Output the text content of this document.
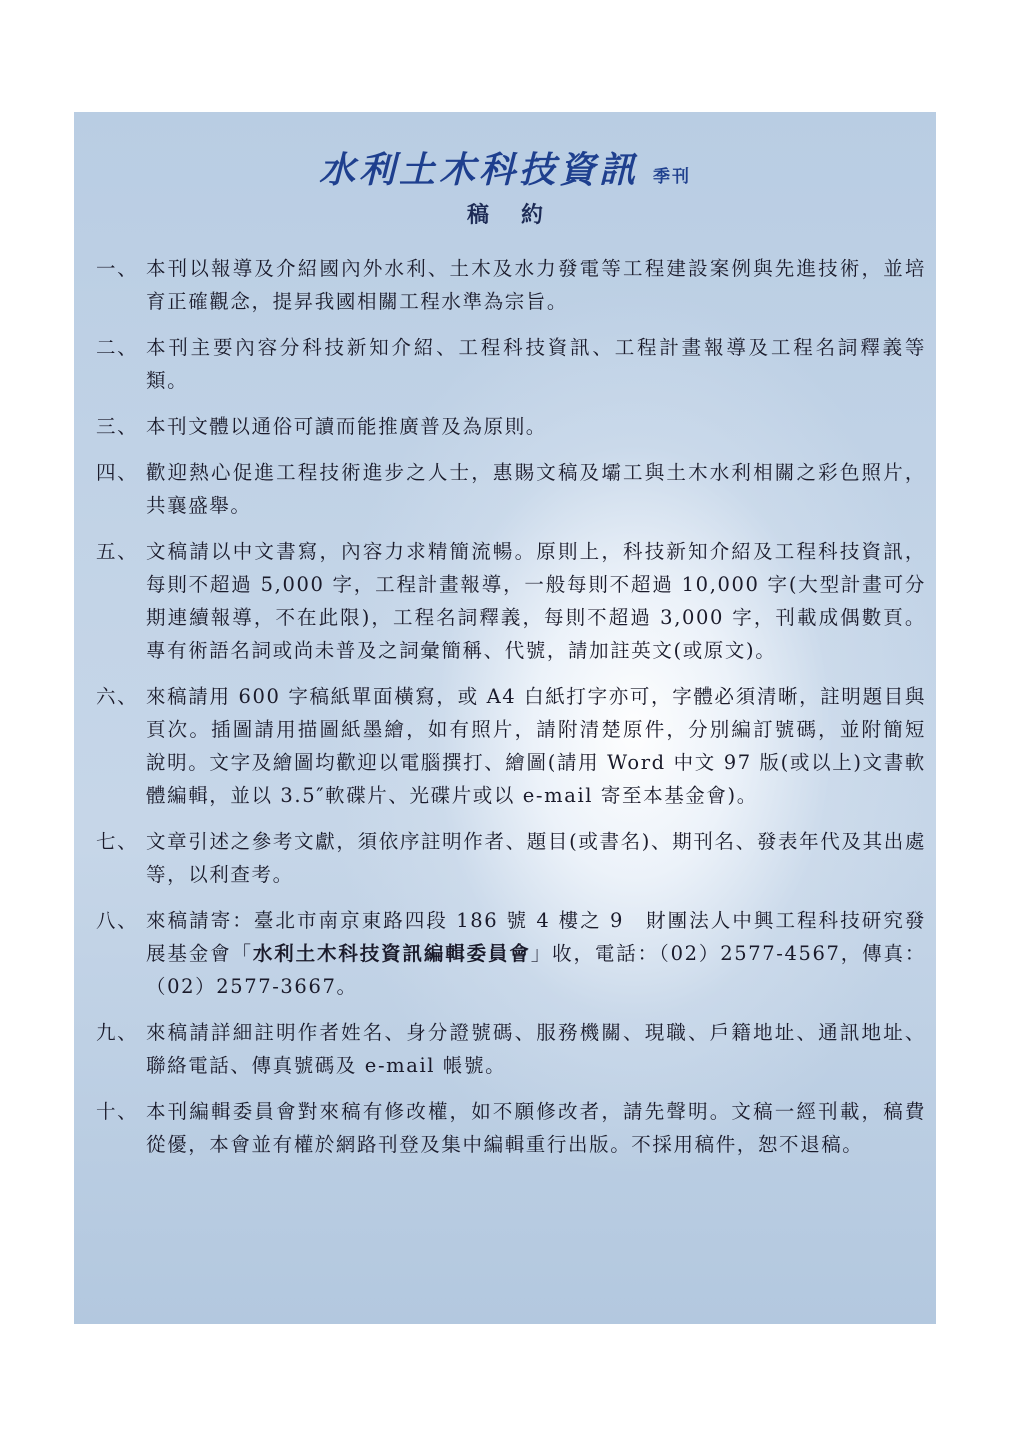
水利土木科技資訊 季刊
稿約
一、 本刊以報導及介紹國內外水利、土木及水力發電等工程建設案例與先進技術，並培育正確觀念，提昇我國相關工程水準為宗旨。
二、 本刊主要內容分科技新知介紹、工程科技資訊、工程計畫報導及工程名詞釋義等類。
三、 本刊文體以通俗可讀而能推廣普及為原則。
四、 歡迎熱心促進工程技術進步之人士，惠賜文稿及壩工與土木水利相關之彩色照片，共襄盛舉。
五、 文稿請以中文書寫，內容力求精簡流暢。原則上，科技新知介紹及工程科技資訊，每則不超過 5,000 字，工程計畫報導，一般每則不超過 10,000 字(大型計畫可分期連續報導，不在此限)，工程名詞釋義，每則不超過 3,000 字，刊載成偶數頁。專有術語名詞或尚未普及之詞彙簡稱、代號，請加註英文(或原文)。
六、 來稿請用 600 字稿紙單面橫寫，或 A4 白紙打字亦可，字體必須清晰，註明題目與頁次。插圖請用描圖紙墨繪，如有照片，請附清楚原件，分別編訂號碼，並附簡短說明。文字及繪圖均歡迎以電腦撰打、繪圖(請用 Word 中文 97 版(或以上)文書軟體編輯，並以 3.5″軟碟片、光碟片或以 e-mail 寄至本基金會)。
七、 文章引述之參考文獻，須依序註明作者、題目(或書名)、期刊名、發表年代及其出處等，以利查考。
八、 來稿請寄：臺北市南京東路四段 186 號 4 樓之 9　財團法人中興工程科技研究發展基金會「水利土木科技資訊編輯委員會」收，電話：（02）2577-4567，傳真：（02）2577-3667。
九、 來稿請詳細註明作者姓名、身分證號碼、服務機關、現職、戶籍地址、通訊地址、聯絡電話、傳真號碼及 e-mail 帳號。
十、 本刊編輯委員會對來稿有修改權，如不願修改者，請先聲明。文稿一經刊載，稿費從優，本會並有權於網路刊登及集中編輯重行出版。不採用稿件，恕不退稿。
